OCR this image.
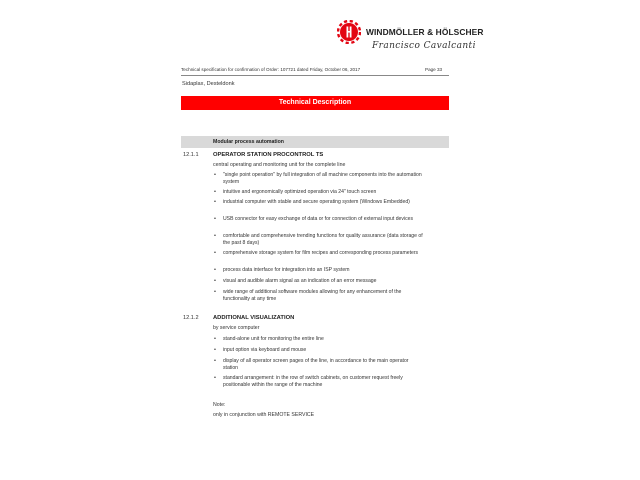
WINDMÖLLER & HÖLSCHER
Francisco Cavalcanti
Technical specification for confirmation of Order: 107721 dated Friday, October 06, 2017	Page 33
Sidaplax, Desteldonk
Technical Description
Modular process automation
12.1.1 OPERATOR STATION PROCONTROL TS
central operating and monitoring unit for the complete line
• "single point operation" by full integration of all machine components into the automation system
• intuitive and ergonomically optimized operation via 24" touch screen
• industrial computer with stable and secure operating system (Windows Embedded)
• USB connector for easy exchange of data or for connection of external input devices
• comfortable and comprehensive trending functions for quality assurance (data storage of the past 8 days)
• comprehensive storage system for film recipes and corresponding process parameters
• process data interface for integration into an ISP system
• visual and audible alarm signal as an indication of an error message
• wide range of additional software modules allowing for any enhancement of the functionality at any time
12.1.2 ADDITIONAL VISUALIZATION
by service computer
• stand-alone unit for monitoring the entire line
• input option via keyboard and mouse
• display of all operator screen pages of the line, in accordance to the main operator station
• standard arrangement: in the row of switch cabinets, on customer request freely positionable within the range of the machine
Note:
only in conjunction with REMOTE SERVICE
